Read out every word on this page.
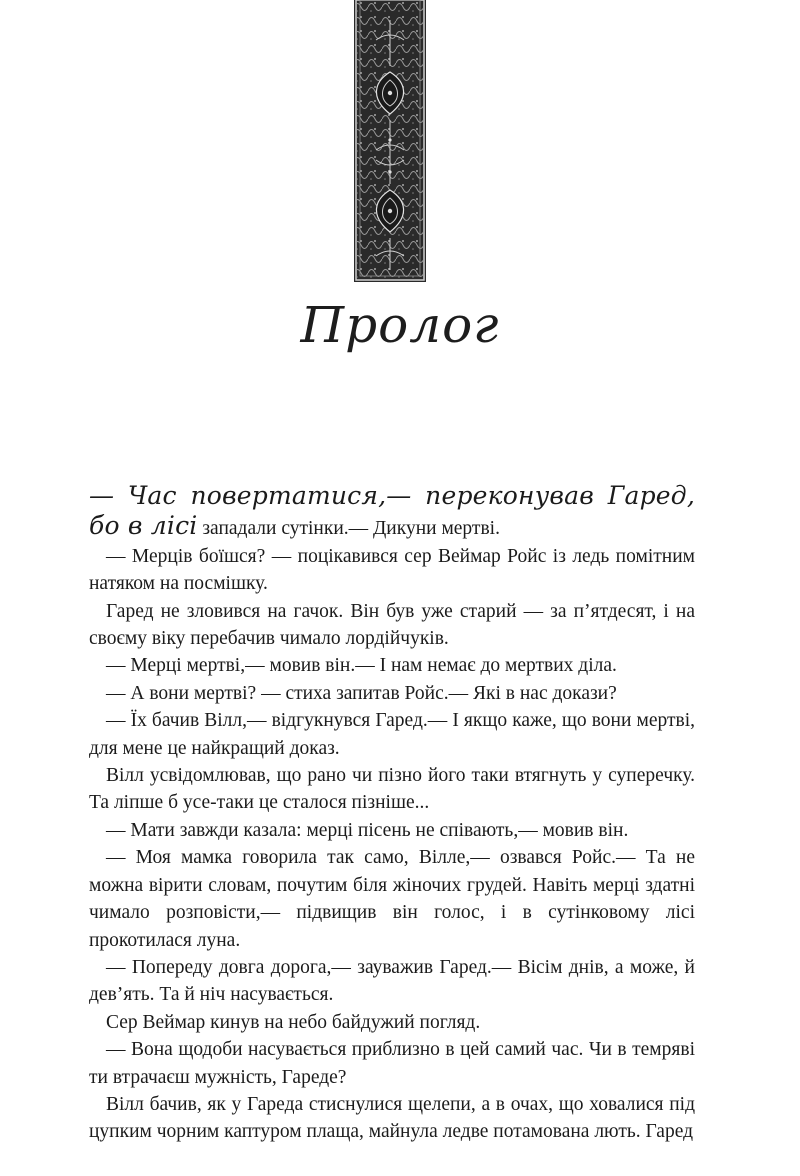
Пролог

— Час повертатися,— переконував Гаред, бо в лісі западали сутінки.— Дикуни мертві.

— Мерців боїшся? — поцікавився сер Веймар Ройс із ледь помітним натяком на посмішку.

Гаред не зловився на гачок. Він був уже старий — за п’ятдесят, і на своєму віку перебачив чимало лордійчуків.

— Мерці мертві,— мовив він.— І нам немає до мертвих діла.

— А вони мертві? — стиха запитав Ройс.— Які в нас докази?

— Їх бачив Вілл,— відгукнувся Гаред.— І якщо каже, що вони мертві, для мене це найкращий доказ.

Вілл усвідомлював, що рано чи пізно його таки втягнуть у суперечку. Та ліпше б усе-таки це сталося пізніше...

— Мати завжди казала: мерці пісень не співають,— мовив він.

— Моя мамка говорила так само, Вілле,— озвався Ройс.— Та не можна вірити словам, почутим біля жіночих грудей. Навіть мерці здатні чимало розповісти,— підвищив він голос, і в сутінковому лісі прокотилася луна.

— Попереду довга дорога,— зауважив Гаред.— Вісім днів, а може, й дев’ять. Та й ніч насувається.

Сер Веймар кинув на небо байдужий погляд.

— Вона щодоби насувається приблизно в цей самий час. Чи в темряві ти втрачаєш мужність, Гареде?

Вілл бачив, як у Гареда стиснулися щелепи, а в очах, що ховалися під цупким чорним каптуром плаща, майнула ледве потамована лють. Гаред
